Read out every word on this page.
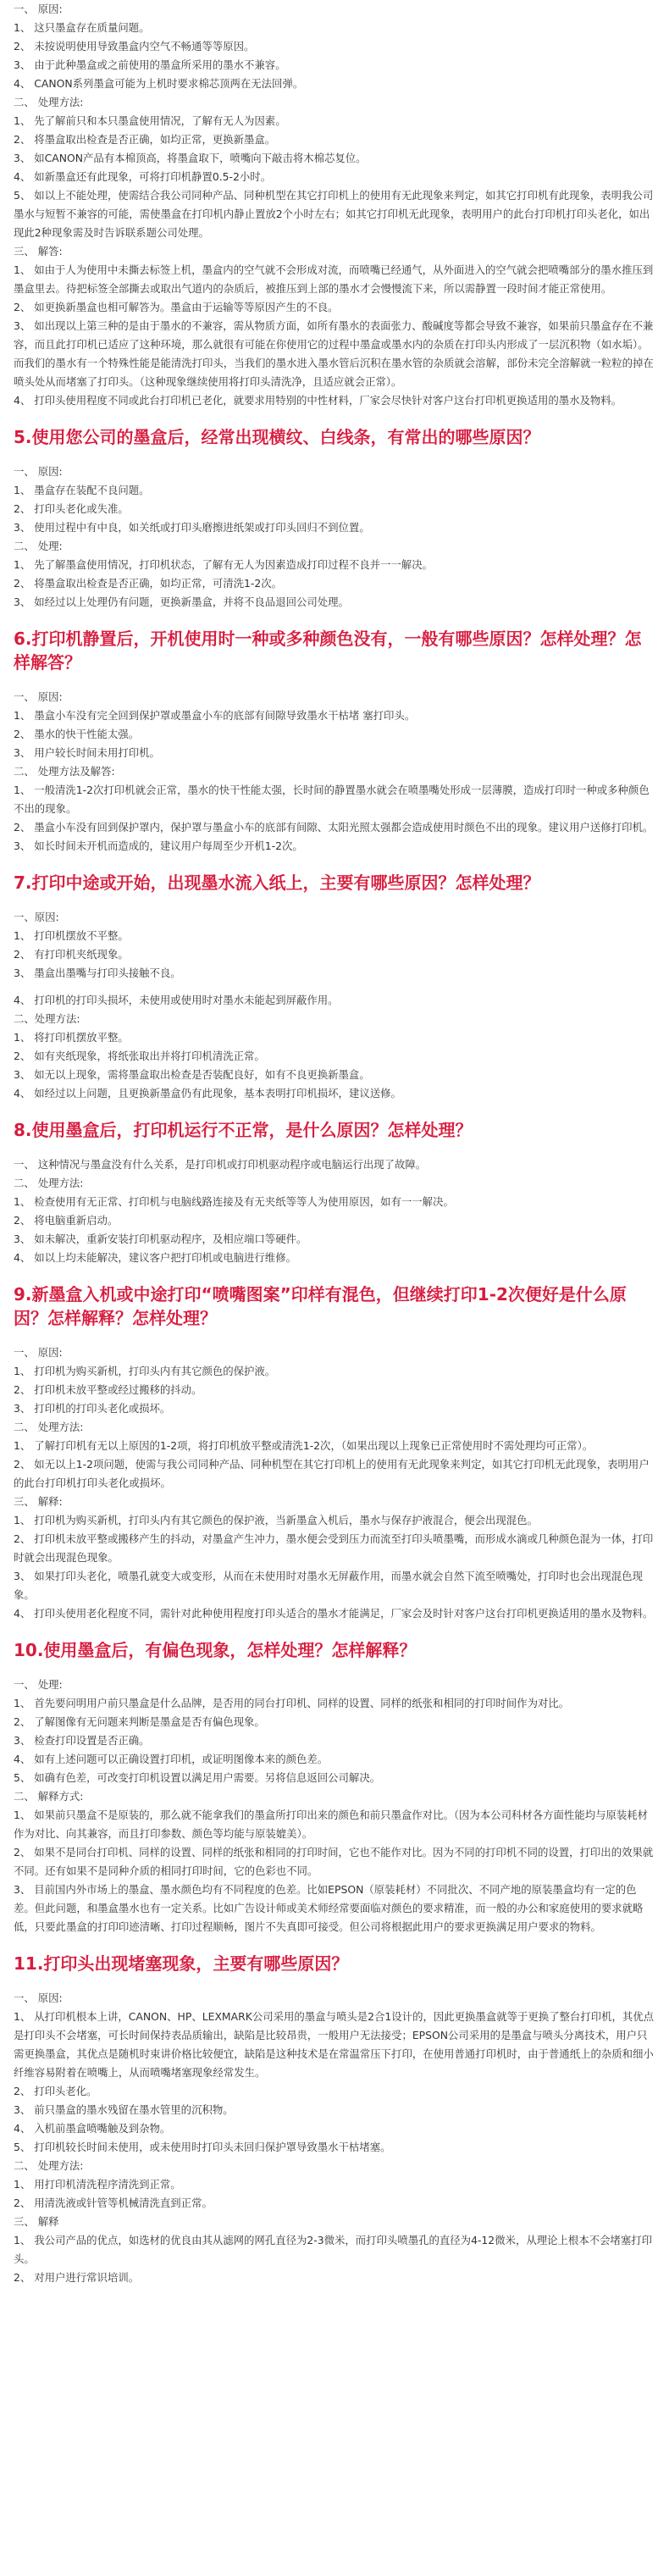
一、 原因:
1、 这只墨盒存在质量问题。
2、 未按说明使用导致墨盒内空气不畅通等等原因。
3、 由于此种墨盒或之前使用的墨盒所采用的墨水不兼容。
4、 CANON系列墨盒可能为上机时要求棉芯顶两在无法回弹。
二、 处理方法:
1、 先了解前只和本只墨盒使用情况，了解有无人为因素。
2、 将墨盒取出检查是否正确，如均正常，更换新墨盒。
3、 如CANON产品有本棉顶高，将墨盒取下，喷嘴向下敲击将木棉芯复位。
4、 如新墨盒还有此现象，可将打印机静置0.5-2小时。
5、 如以上不能处理，使需结合我公司同种产品、同种机型在其它打印机上的使用有无此现象来判定，如其它打印机有此现象，表明我公司墨水与短暂不兼容的可能，需使墨盒在打印机内静止置放2个小时左右；如其它打印机无此现象，表明用户的此台打印机打印头老化，如出现此2种现象需及时告诉联系题公司处理。
三、 解答:
1、 如由于人为使用中未撕去标签上机，墨盒内的空气就不会形成对流，而喷嘴已经通气，从外面进入的空气就会把喷嘴部分的墨水推压到墨盒里去。待把标签全部撕去或取出气道内的杂质后，被推压到上部的墨水才会慢慢流下来，所以需静置一段时间才能正常使用。
2、 如更换新墨盒也相可解答为。墨盒由于运输等等原因产生的不良。
3、 如出现以上第三种的是由于墨水的不兼容，需从物质方面，如所有墨水的表面张力、酸碱度等都会导致不兼容，如果前只墨盒存在不兼容，而且此打印机已适应了这种环境，那么就很有可能在你使用它的过程中墨盒或墨水内的杂质在打印头内形成了一层沉积物（如水垢）。而我们的墨水有一个特殊性能是能清洗打印头，当我们的墨水进入墨水管后沉积在墨水管的杂质就会溶解，部份未完全溶解就一粒粒的掉在喷头处从而堵塞了打印头。（这种现象继续使用将打印头清洗净，且适应就会正常）。
4、 打印头使用程度不同或此台打印机已老化，就要求用特别的中性材料，厂家会尽快针对客户这台打印机更换适用的墨水及物料。
5.使用您公司的墨盒后，经常出现横纹、白线条，有常出的哪些原因？
一、 原因:
1、 墨盒存在装配不良问题。
2、 打印头老化或失准。
3、 使用过程中有中良，如关纸或打印头磨擦进纸架或打印头回归不到位置。
二、 处理:
1、 先了解墨盒使用情况，打印机状态，了解有无人为因素造成打印过程不良并一一解决。
2、 将墨盒取出检查是否正确，如均正常，可清洗1-2次。
3、 如经过以上处理仍有问题，更换新墨盒，并将不良品退回公司处理。
6.打印机静置后，开机使用时一种或多种颜色没有，一般有哪些原因？怎样处理？怎样解答？
一、 原因:
1、 墨盒小车没有完全回到保护罩或墨盒小车的底部有间隙导致墨水干枯堵 塞打印头。
2、 墨水的快干性能太强。
3、 用户较长时间未用打印机。
二、 处理方法及解答:
1、 一般清洗1-2次打印机就会正常，墨水的快干性能太强，长时间的静置墨水就会在喷墨嘴处形成一层薄膜，造成打印时一种或多种颜色不出的现象。
2、 墨盒小车没有回到保护罩内，保护罩与墨盒小车的底部有间隙、太阳光照太强都会造成使用时颜色不出的现象。建议用户送修打印机。
3、 如长时间未开机而造成的，建议用户每周至少开机1-2次。
7.打印中途或开始，出现墨水流入纸上，主要有哪些原因？怎样处理？
一、原因:
1、 打印机摆放不平整。
2、 有打印机夹纸现象。
3、 墨盒出墨嘴与打印头接触不良。
4、 打印机的打印头损坏，未使用或使用时对墨水未能起到屏蔽作用。
二、处理方法:
1、 将打印机摆放平整。
2、 如有夹纸现象，将纸张取出并将打印机清洗正常。
3、 如无以上现象，需将墨盒取出检查是否装配良好，如有不良更换新墨盒。
4、 如经过以上问题，且更换新墨盒仍有此现象，基本表明打印机损坏，建议送修。
8.使用墨盒后，打印机运行不正常，是什么原因？怎样处理？
一、 这种情况与墨盒没有什么关系，是打印机或打印机驱动程序或电脑运行出现了故障。
二、 处理方法:
1、 检查使用有无正常、打印机与电脑线路连接及有无夹纸等等人为使用原因，如有一一解决。
2、 将电脑重新启动。
3、 如未解决，重新安装打印机驱动程序，及相应端口等硬件。
4、 如以上均未能解决，建议客户把打印机或电脑进行维修。
9.新墨盒入机或中途打印“喷嘴图案”印样有混色，但继续打印1-2次便好是什么原因？怎样解释？怎样处理？
一、 原因:
1、 打印机为购买新机，打印头内有其它颜色的保护液。
2、 打印机未放平整或经过搬移的抖动。
3、 打印机的打印头老化或损坏。
二、 处理方法:
1、 了解打印机有无以上原因的1-2项，将打印机放平整或清洗1-2次，（如果出现以上现象已正常使用时不需处理均可正常）。
2、 如无以上1-2项问题，使需与我公司同种产品、同种机型在其它打印机上的使用有无此现象来判定，如其它打印机无此现象，表明用户的此台打印机打印头老化或损坏。
三、 解释:
1、 打印机为购买新机，打印头内有其它颜色的保护液，当新墨盒入机后，墨水与保存护液混合，便会出现混色。
2、 打印机未放平整或搬移产生的抖动，对墨盒产生冲力，墨水便会受到压力而流至打印头喷墨嘴，而形成水滴或几种颜色混为一体，打印时就会出现混色现象。
3、 如果打印头老化，喷墨孔就变大或变形，从而在未使用时对墨水无屏蔽作用，而墨水就会自然下流至喷嘴处，打印时也会出现混色现象。
4、 打印头使用老化程度不同，需针对此种使用程度打印头适合的墨水才能满足，厂家会及时针对客户这台打印机更换适用的墨水及物料。
10.使用墨盒后，有偏色现象，怎样处理？怎样解释？
一、 处理:
1、 首先要问明用户前只墨盒是什么品牌，是否用的同台打印机、同样的设置、同样的纸张和相同的打印时间作为对比。
2、 了解图像有无问题来判断是墨盒是否有偏色现象。
3、 检查打印设置是否正确。
4、 如有上述问题可以正确设置打印机，或证明图像本来的颜色差。
5、 如确有色差，可改变打印机设置以满足用户需要。另将信息返回公司解决。
二、 解释方式:
1、 如果前只墨盒不是原装的，那么就不能拿我们的墨盒所打印出来的颜色和前只墨盒作对比。（因为本公司科材各方面性能均与原装耗材作为对比、向其兼容，而且打印参数、颜色等均能与原装媲美）。
2、 如果不是同台打印机、同样的设置、同样的纸张和相同的打印时间，它也不能作对比。因为不同的打印机不同的设置，打印出的效果就不同。还有如果不是同种介质的相同打印时间，它的色彩也不同。
3、 目前国内外市场上的墨盒、墨水颜色均有不同程度的色差。比如EPSON（原装耗材）不同批次、不同产地的原装墨盒均有一定的色差。但此问题，和墨盒墨水也有一定关系。比如广告设计师或美术师经常要面临对颜色的要求精准，而一般的办公和家庭使用的要求就略低，只要此墨盒的打印印迹清晰、打印过程顺畅，图片不失真即可接受。但公司将根据此用户的要求更换满足用户要求的物料。
11.打印头出现堵塞现象，主要有哪些原因？
一、 原因:
1、 从打印机根本上讲，CANON、HP、LEXMARK公司采用的墨盒与喷头是2合1设计的，因此更换墨盒就等于更换了整台打印机，其优点是打印头不会堵塞，可长时间保持表品质输出，缺陷是比较昂贵，一般用户无法接受；EPSON公司采用的是墨盒与喷头分离技术，用户只需更换墨盒，其优点是随机时束讲价格比较便宜，缺陷是这种技术是在常温常压下打印，在使用普通打印机时，由于普通纸上的杂质和细小纤维容易附着在喷嘴上，从而喷嘴堵塞现象经常发生。
2、 打印头老化。
3、 前只墨盒的墨水残留在墨水管里的沉积物。
4、 入机前墨盒喷嘴触及到杂物。
5、 打印机较长时间未使用，或未使用时打印头未回归保护罩导致墨水干枯堵塞。
二、 处理方法:
1、 用打印机清洗程序清洗到正常。
2、 用清洗液或针管等机械清洗直到正常。
三、 解释
1、 我公司产品的优点，如选材的优良由其从滤网的网孔直径为2-3微米，而打印头喷墨孔的直径为4-12微米，从理论上根本不会堵塞打印头。
2、 对用户进行常识培训。
